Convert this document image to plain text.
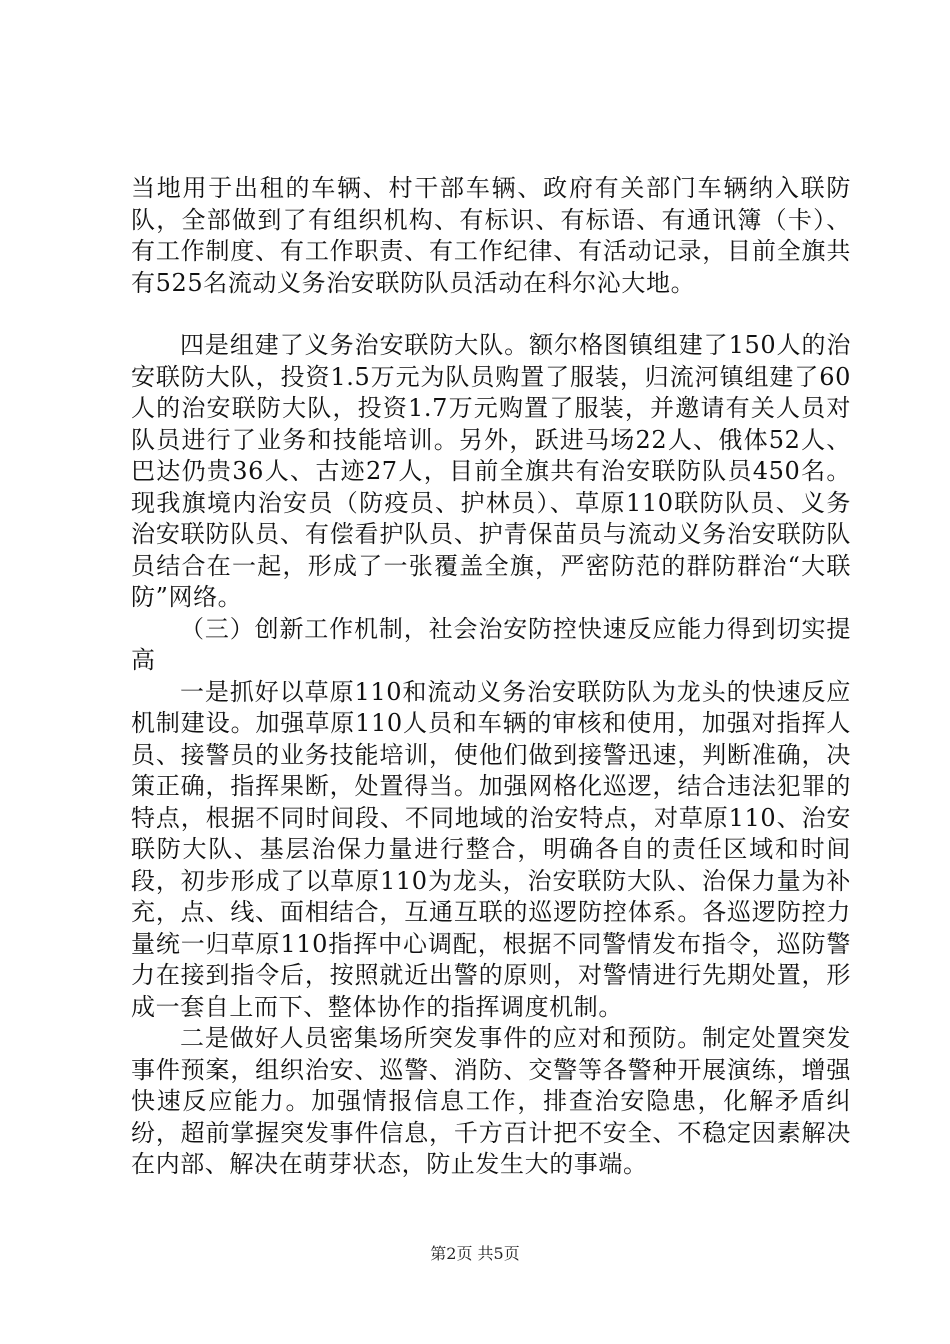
当地用于出租的车辆、村干部车辆、政府有关部门车辆纳入联防队，全部做到了有组织机构、有标识、有标语、有通讯簿（卡）、有工作制度、有工作职责、有工作纪律、有活动记录，目前全旗共有525名流动义务治安联防队员活动在科尔沁大地。

四是组建了义务治安联防大队。额尔格图镇组建了150人的治安联防大队，投资1.5万元为队员购置了服装，归流河镇组建了60人的治安联防大队，投资1.7万元购置了服装，并邀请有关人员对队员进行了业务和技能培训。另外，跃进马场22人、俄体52人、巴达仍贵36人、古迹27人，目前全旗共有治安联防队员450名。现我旗境内治安员（防疫员、护林员）、草原110联防队员、义务治安联防队员、有偿看护队员、护青保苗员与流动义务治安联防队员结合在一起，形成了一张覆盖全旗，严密防范的群防群治“大联防”网络。

（三）创新工作机制，社会治安防控快速反应能力得到切实提高

一是抓好以草原110和流动义务治安联防队为龙头的快速反应机制建设。加强草原110人员和车辆的审核和使用，加强对指挥人员、接警员的业务技能培训，使他们做到接警迅速，判断准确，决策正确，指挥果断，处置得当。加强网格化巡逻，结合违法犯罪的特点，根据不同时间段、不同地域的治安特点，对草原110、治安联防大队、基层治保力量进行整合，明确各自的责任区域和时间段，初步形成了以草原110为龙头，治安联防大队、治保力量为补充，点、线、面相结合，互通互联的巡逻防控体系。各巡逻防控力量统一归草原110指挥中心调配，根据不同警情发布指令，巡防警力在接到指令后，按照就近出警的原则，对警情进行先期处置，形成一套自上而下、整体协作的指挥调度机制。

二是做好人员密集场所突发事件的应对和预防。制定处置突发事件预案，组织治安、巡警、消防、交警等各警种开展演练，增强快速反应能力。加强情报信息工作，排查治安隐患，化解矛盾纠纷，超前掌握突发事件信息，千方百计把不安全、不稳定因素解决在内部、解决在萌芽状态，防止发生大的事端。

第2页 共5页
